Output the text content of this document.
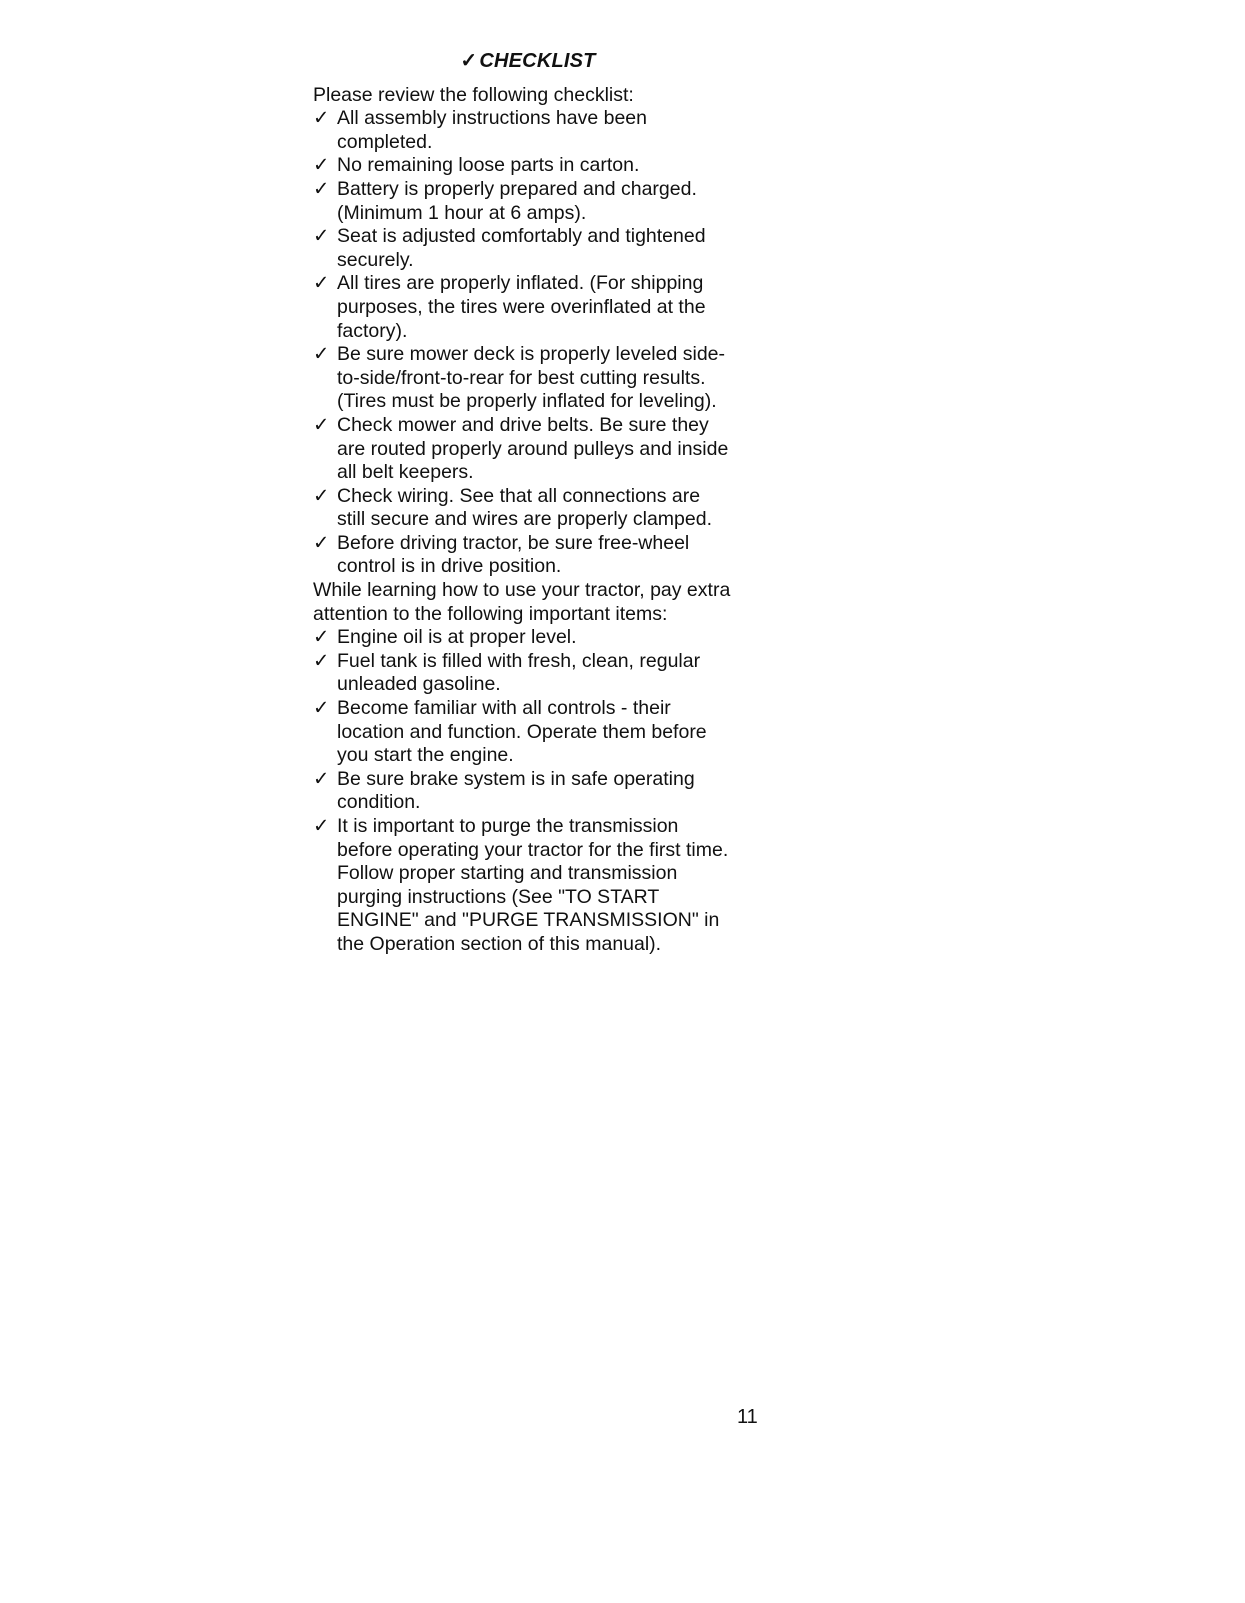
✓ CHECKLIST

Please review the following checklist:

✓ All assembly instructions have been completed.
✓ No remaining loose parts in carton.
✓ Battery is properly prepared and charged. (Minimum 1 hour at 6 amps).
✓ Seat is adjusted comfortably and tightened securely.
✓ All tires are properly inflated. (For shipping purposes, the tires were overinflated at the factory).
✓ Be sure mower deck is properly leveled side-to-side/front-to-rear for best cutting results. (Tires must be properly inflated for leveling).
✓ Check mower and drive belts. Be sure they are routed properly around pulleys and inside all belt keepers.
✓ Check wiring. See that all connections are still secure and wires are properly clamped.
✓ Before driving tractor, be sure free-wheel control is in drive position.

While learning how to use your tractor, pay extra attention to the following important items:

✓ Engine oil is at proper level.
✓ Fuel tank is filled with fresh, clean, regular unleaded gasoline.
✓ Become familiar with all controls - their location and function. Operate them before you start the engine.
✓ Be sure brake system is in safe operating condition.
✓ It is important to purge the transmission before operating your tractor for the first time. Follow proper starting and transmission purging instructions (See "TO START ENGINE" and "PURGE TRANSMISSION" in the Operation section of this manual).
11
